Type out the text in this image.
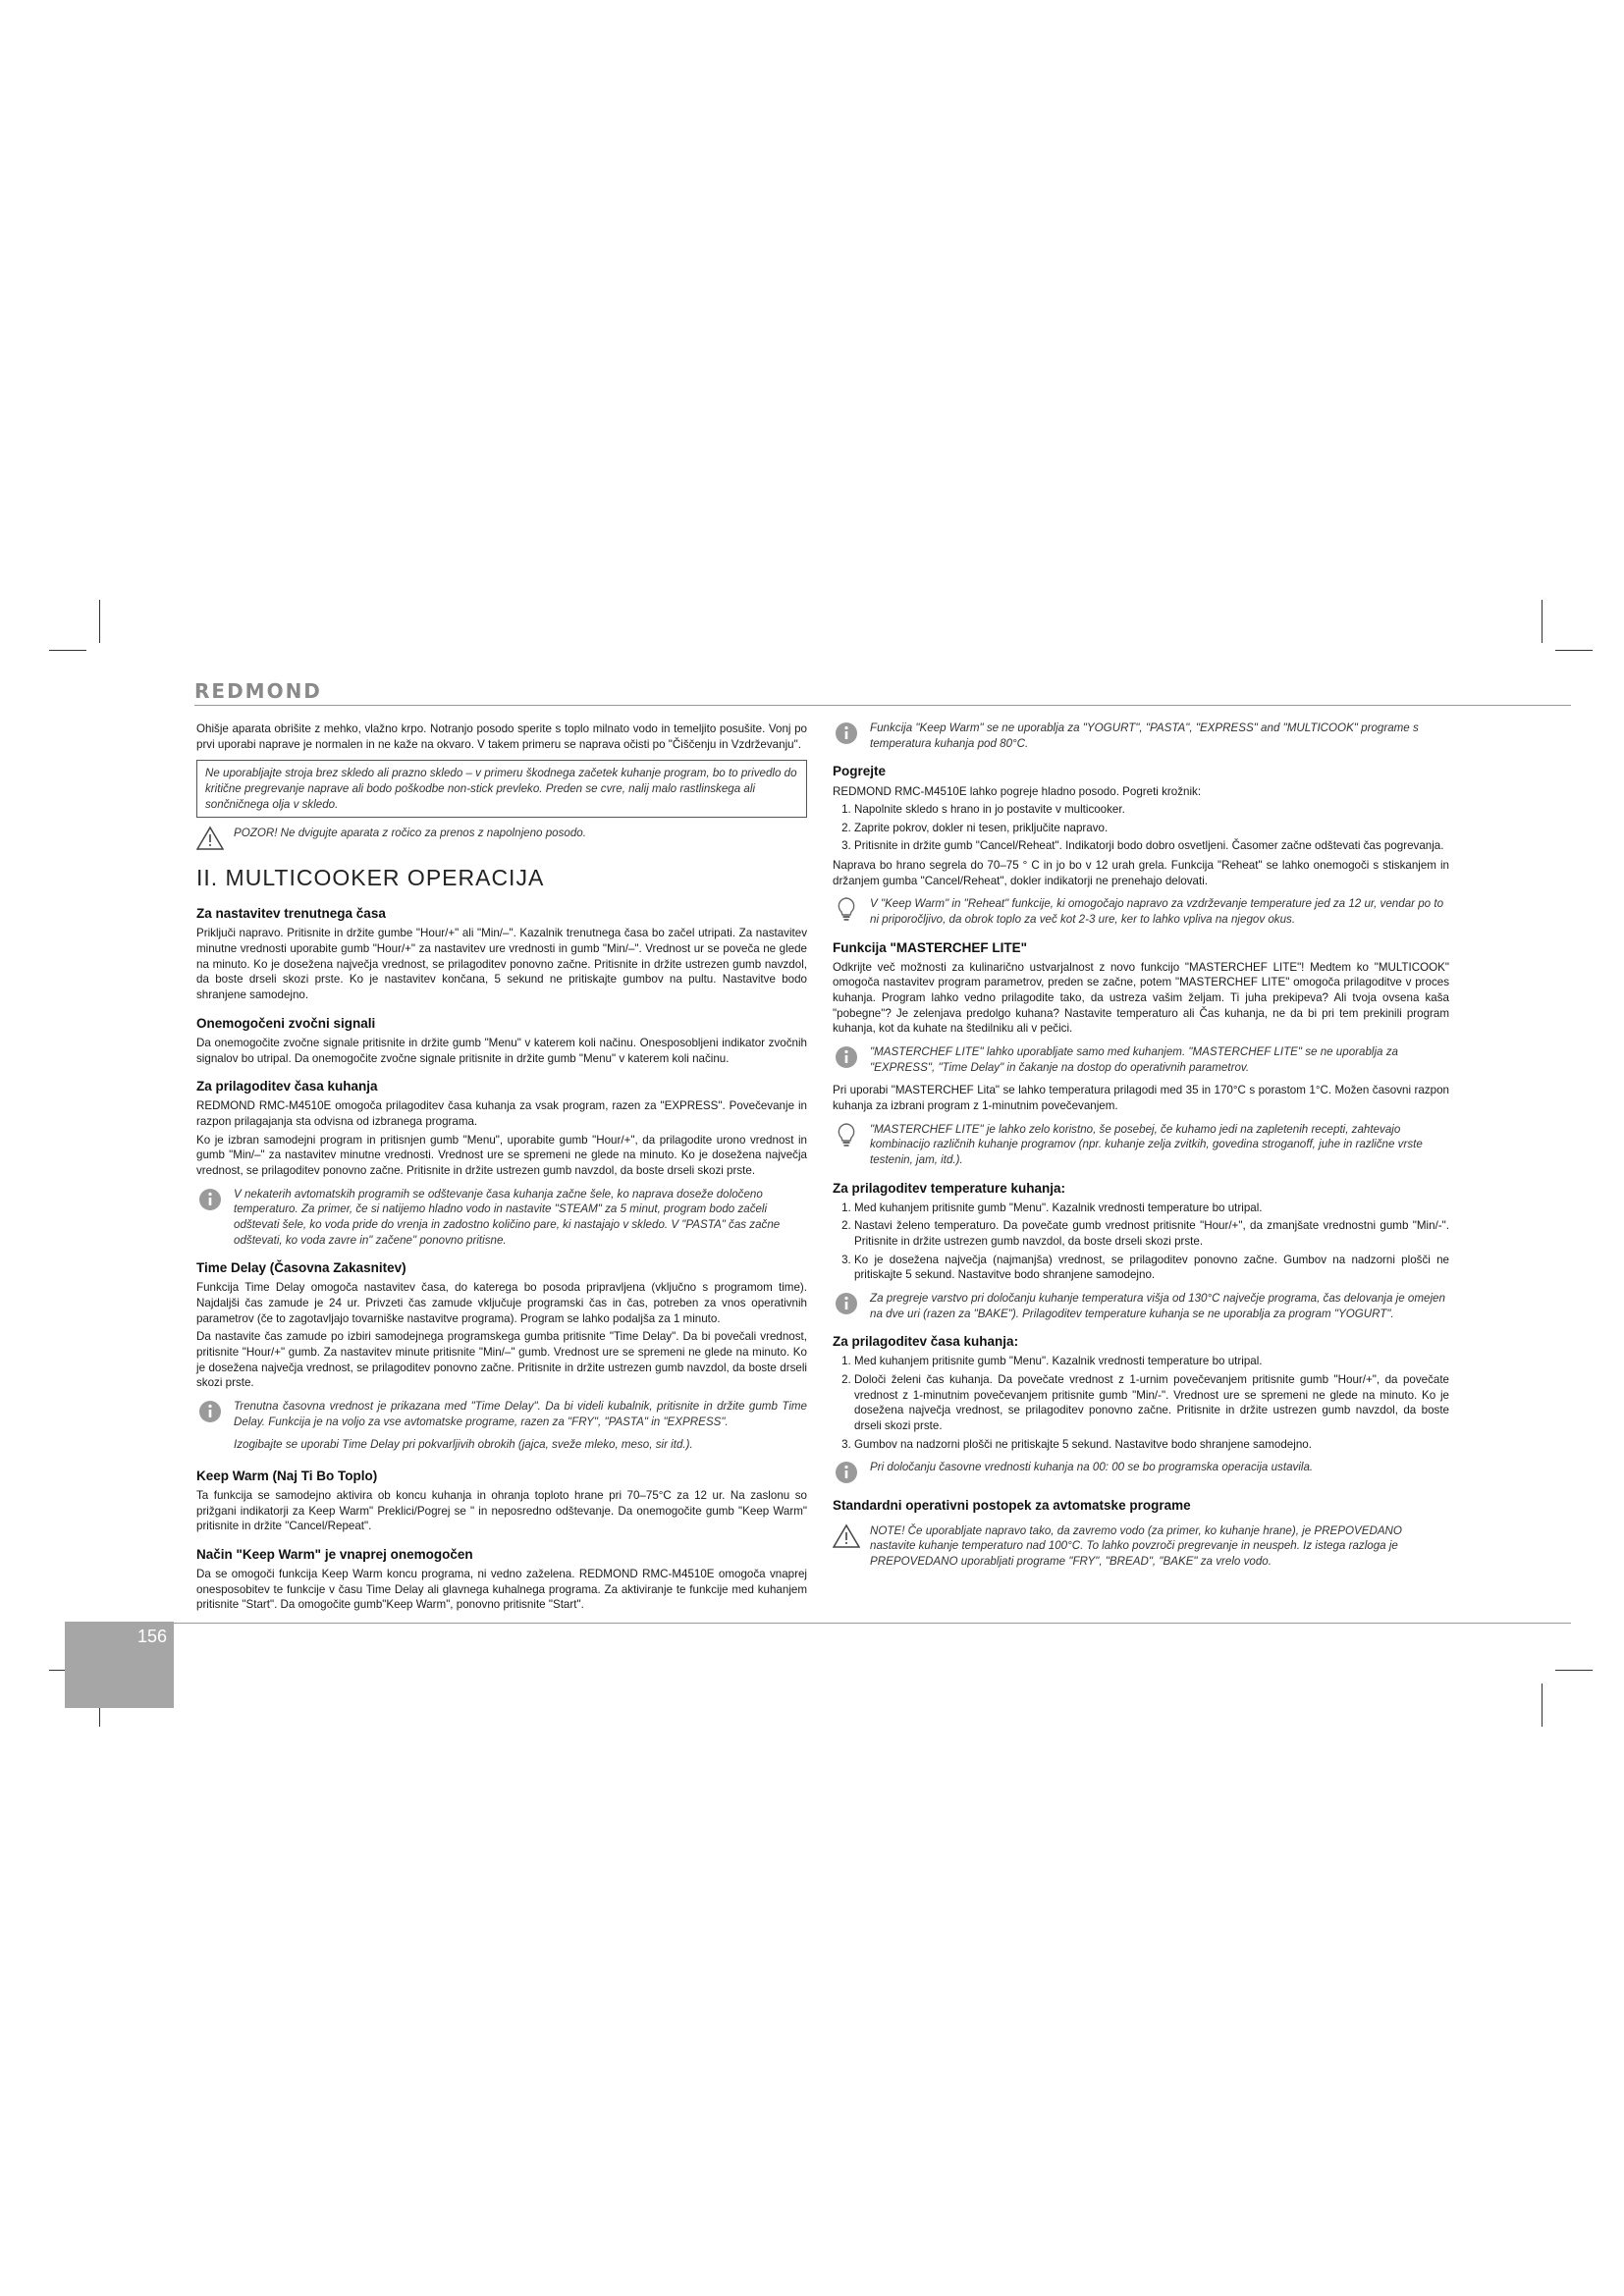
REDMOND

Ohišje aparata obrišite z mehko, vlažno krpo. Notranjo posodo sperite s toplo milnato vodo in temeljito posušite. Vonj po prvi uporabi naprave je normalen in ne kaže na okvaro. V takem primeru se naprava očisti po "Čiščenju in Vzdrževanju".

Ne uporabljajte stroja brez skledo ali prazno skledo – v primeru škodnega začetek kuhanje program, bo to privedlo do kritične pregrevanje naprave ali bodo poškodbe non-stick prevleko. Preden se cvre, nalij malo rastlinskega ali sončničnega olja v skledo.
POZOR! Ne dvigujte aparata z ročico za prenos z napolnjeno posodo.
II. MULTICOOKER OPERACIJA
Za nastavitev trenutnega časa

Priključi napravo. Pritisnite in držite gumbe "Hour/+" ali "Min/–". Kazalnik trenutnega časa bo začel utripati. Za nastavitev minutne vrednosti uporabite gumb "Hour/+" za nastavitev ure vrednosti in gumb "Min/–". Vrednost ur se poveča ne glede na minuto. Ko je dosežena največja vrednost, se prilagoditev ponovno začne. Pritisnite in držite ustrezen gumb navzdol, da boste drseli skozi prste. Ko je nastavitev končana, 5 sekund ne pritiskajte gumbov na pultu. Nastavitve bodo shranjene samodejno.

Onemogočeni zvočni signali

Da onemogočite zvočne signale pritisnite in držite gumb "Menu" v katerem koli načinu. Onesposobljeni indikator zvočnih signalov bo utripal. Da onemogočite zvočne signale pritisnite in držite gumb "Menu" v katerem koli načinu.

Za prilagoditev časa kuhanja

REDMOND RMC-M4510E omogoča prilagoditev časa kuhanja za vsak program, razen za "EXPRESS". Povečevanje in razpon prilagajanja sta odvisna od izbranega programa.

Ko je izbran samodejni program in pritisnjen gumb "Menu", uporabite gumb "Hour/+", da prilagodite urono vrednost in gumb "Min/–" za nastavitev minutne vrednosti. Vrednost ure se spremeni ne glede na minuto. Ko je dosežena največja vrednost, se prilagoditev ponovno začne. Pritisnite in držite ustrezen gumb navzdol, da boste drseli skozi prste.

V nekaterih avtomatskih programih se odštevanje časa kuhanja začne šele, ko naprava doseže določeno temperaturo. Za primer, če si natijemo hladno vodo in nastavite "STEAM" za 5 minut, program bodo začeli odštevati šele, ko voda pride do vrenja in zadostno količino pare, ki nastajajo v skledo. V "PASTA" čas začne odštevati, ko voda zavre in" začene" ponovno pritisne.
Time Delay (Časovna Zakasnitev)

Funkcija Time Delay omogoča nastavitev časa, do katerega bo posoda pripravljena (vključno s programom time). Najdaljši čas zamude je 24 ur. Privzeti čas zamude vključuje programski čas in čas, potreben za vnos operativnih parametrov (če to zagotavljajo tovarniške nastavitve programa). Program se lahko podaljša za 1 minuto.

Da nastavite čas zamude po izbiri samodejnega programskega gumba pritisnite "Time Delay". Da bi povečali vrednost, pritisnite "Hour/+" gumb. Za nastavitev minute pritisnite "Min/–" gumb. Vrednost ure se spremeni ne glede na minuto. Ko je dosežena največja vrednost, se prilagoditev ponovno začne. Pritisnite in držite ustrezen gumb navzdol, da boste drseli skozi prste.

Trenutna časovna vrednost je prikazana med "Time Delay". Da bi videli kubalnik, pritisnite in držite gumb Time Delay. Funkcija je na voljo za vse avtomatske programe, razen za "FRY", "PASTA" in "EXPRESS".

Izogibajte se uporabi Time Delay pri pokvarljivih obrokih (jajca, sveže mleko, meso, sir itd.).

Keep Warm (Naj Ti Bo Toplo)

Ta funkcija se samodejno aktivira ob koncu kuhanja in ohranja toploto hrane pri 70–75°C za 12 ur. Na zaslonu so prižgani indikatorji za Keep Warm" Preklici/Pogrej se " in neposredno odštevanje. Da onemogočite gumb "Keep Warm" pritisnite in držite "Cancel/Repeat".

Način "Keep Warm" je vnaprej onemogočen

Da se omogoči funkcija Keep Warm koncu programa, ni vedno zaželena. REDMOND RMC-M4510E omogoča vnaprej onesposobitev te funkcije v času Time Delay ali glavnega kuhalnega programa. Za aktiviranje te funkcije med kuhanjem pritisnite "Start". Da omogočite gumb"Keep Warm", ponovno pritisnite "Start".

Funkcija "Keep Warm" se ne uporablja za "YOGURT", "PASTA", "EXPRESS" and "MULTICOOK" programe s temperatura kuhanja pod 80°C.
Pogrejte

REDMOND RMC-M4510E lahko pogreje hladno posodo. Pogreti krožnik:

1. Napolnite skledo s hrano in jo postavite v multicooker.
2. Zaprite pokrov, dokler ni tesen, priključite napravo.
3. Pritisnite in držite gumb "Cancel/Reheat". Indikatorji bodo dobro osvetljeni. Časomer začne odštevati čas pogrevanja.

Naprava bo hrano segrela do 70–75 ° C in jo bo v 12 urah grela. Funkcija "Reheat" se lahko onemogoči s stiskanjem in držanjem gumba "Cancel/Reheat", dokler indikatorji ne prenehajo delovati.

V "Keep Warm" in "Reheat" funkcije, ki omogočajo napravo za vzdrževanje temperature jed za 12 ur, vendar po to ni priporočljivo, da obrok toplo za več kot 2-3 ure, ker to lahko vpliva na njegov okus.
Funkcija "MASTERCHEF LITE"

Odkrijte več možnosti za kulinarično ustvarjalnost z novo funkcijo "MASTERCHEF LITE"! Medtem ko "MULTICOOK" omogoča nastavitev program parametrov, preden se začne, potem "MASTERCHEF LITE" omogoča prilagoditve v proces kuhanja. Program lahko vedno prilagodite tako, da ustreza vašim željam. Ti juha prekipeva? Ali tvoja ovsena kaša "pobegne"? Je zelenjava predolgo kuhana? Nastavite temperaturo ali Čas kuhanja, ne da bi pri tem prekinili program kuhanja, kot da kuhate na štedilniku ali v pečici.

"MASTERCHEF LITE" lahko uporabljate samo med kuhanjem. "MASTERCHEF LITE" se ne uporablja za "EXPRESS", "Time Delay" in čakanje na dostop do operativnih parametrov.

Pri uporabi "MASTERCHEF Lita" se lahko temperatura prilagodi med 35 in 170°C s porastom 1°C. Možen časovni razpon kuhanja za izbrani program z 1-minutnim povečevanjem.

"MASTERCHEF LITE" je lahko zelo koristno, še posebej, če kuhamo jedi na zapletenih recepti, zahtevajo kombinacijo različnih kuhanje programov (npr. kuhanje zelja zvitkih, govedina stroganoff, juhe in različne vrste testenin, jam, itd.).
Za prilagoditev temperature kuhanja:
1. Med kuhanjem pritisnite gumb "Menu". Kazalnik vrednosti temperature bo utripal.
2. Nastavi želeno temperaturo. Da povečate gumb vrednost pritisnite "Hour/+", da zmanjšate vrednostni gumb "Min/-". Pritisnite in držite ustrezen gumb navzdol, da boste drseli skozi prste.
3. Ko je dosežena največja (najmanjša) vrednost, se prilagoditev ponovno začne. Gumbov na nadzorni plošči ne pritiskajte 5 sekund. Nastavitve bodo shranjene samodejno.
Za pregreje varstvo pri določanju kuhanje temperatura višja od 130°C največje programa, čas delovanja je omejen na dve uri (razen za "BAKE"). Prilagoditev temperature kuhanja se ne uporablja za program "YOGURT".
Za prilagoditev časa kuhanja:
1. Med kuhanjem pritisnite gumb "Menu". Kazalnik vrednosti temperature bo utripal.
2. Določi želeni čas kuhanja. Da povečate vrednost z 1-urnim povečevanjem pritisnite gumb "Hour/+", da povečate vrednost z 1-minutnim povečevanjem pritisnite gumb "Min/-". Vrednost ure se spremeni ne glede na minuto. Ko je dosežena največja vrednost, se prilagoditev ponovno začne. Pritisnite in držite ustrezen gumb navzdol, da boste drseli skozi prste.
3. Gumbov na nadzorni plošči ne pritiskajte 5 sekund. Nastavitve bodo shranjene samodejno.
Pri določanju časovne vrednosti kuhanja na 00: 00 se bo programska operacija ustavila.
Standardni operativni postopek za avtomatske programe
NOTE! Če uporabljate napravo tako, da zavremo vodo (za primer, ko kuhanje hrane), je PREPOVEDANO nastavite kuhanje temperaturo nad 100°C. To lahko povzroči pregrevanje in neuspeh. Iz istega razloga je PREPOVEDANO uporabljati programe "FRY", "BREAD", "BAKE" za vrelo vodo.
156
